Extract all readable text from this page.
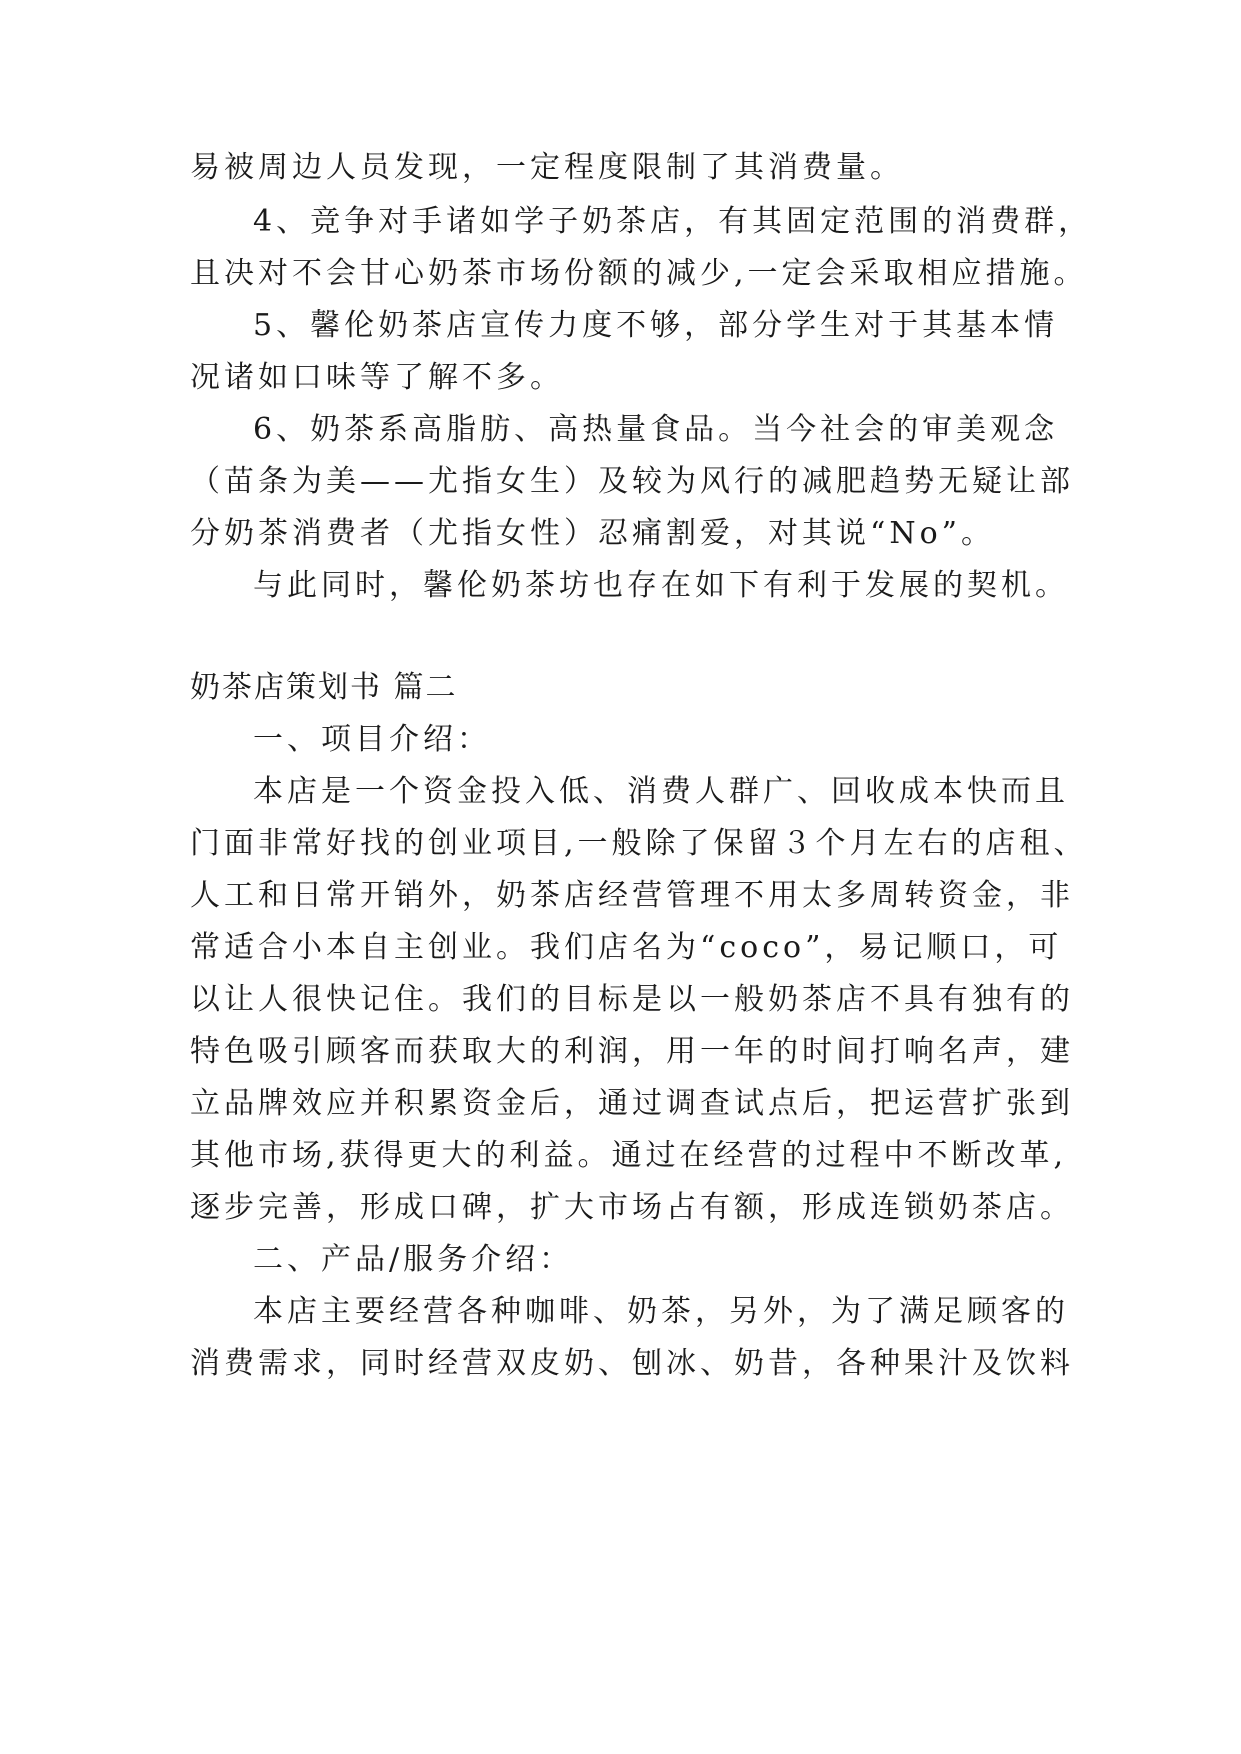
易被周边人员发现，一定程度限制了其消费量。
4、竞争对手诸如学子奶茶店，有其固定范围的消费群，
且决对不会甘心奶茶市场份额的减少,一定会采取相应措施。
5、馨伦奶茶店宣传力度不够，部分学生对于其基本情
况诸如口味等了解不多。
6、奶茶系高脂肪、高热量食品。当今社会的审美观念
（苗条为美——尤指女生）及较为风行的减肥趋势无疑让部
分奶茶消费者（尤指女性）忍痛割爱，对其说“No”。
与此同时，馨伦奶茶坊也存在如下有利于发展的契机。
奶茶店策划书 篇二
一、项目介绍：
本店是一个资金投入低、消费人群广、回收成本快而且
门面非常好找的创业项目,一般除了保留３个月左右的店租、
人工和日常开销外，奶茶店经营管理不用太多周转资金，非
常适合小本自主创业。我们店名为“coco”，易记顺口，可
以让人很快记住。我们的目标是以一般奶茶店不具有独有的
特色吸引顾客而获取大的利润，用一年的时间打响名声，建
立品牌效应并积累资金后，通过调查试点后，把运营扩张到
其他市场,获得更大的利益。通过在经营的过程中不断改革,
逐步完善，形成口碑，扩大市场占有额，形成连锁奶茶店。
二、产品/服务介绍：
本店主要经营各种咖啡、奶茶，另外，为了满足顾客的
消费需求，同时经营双皮奶、刨冰、奶昔，各种果汁及饮料
